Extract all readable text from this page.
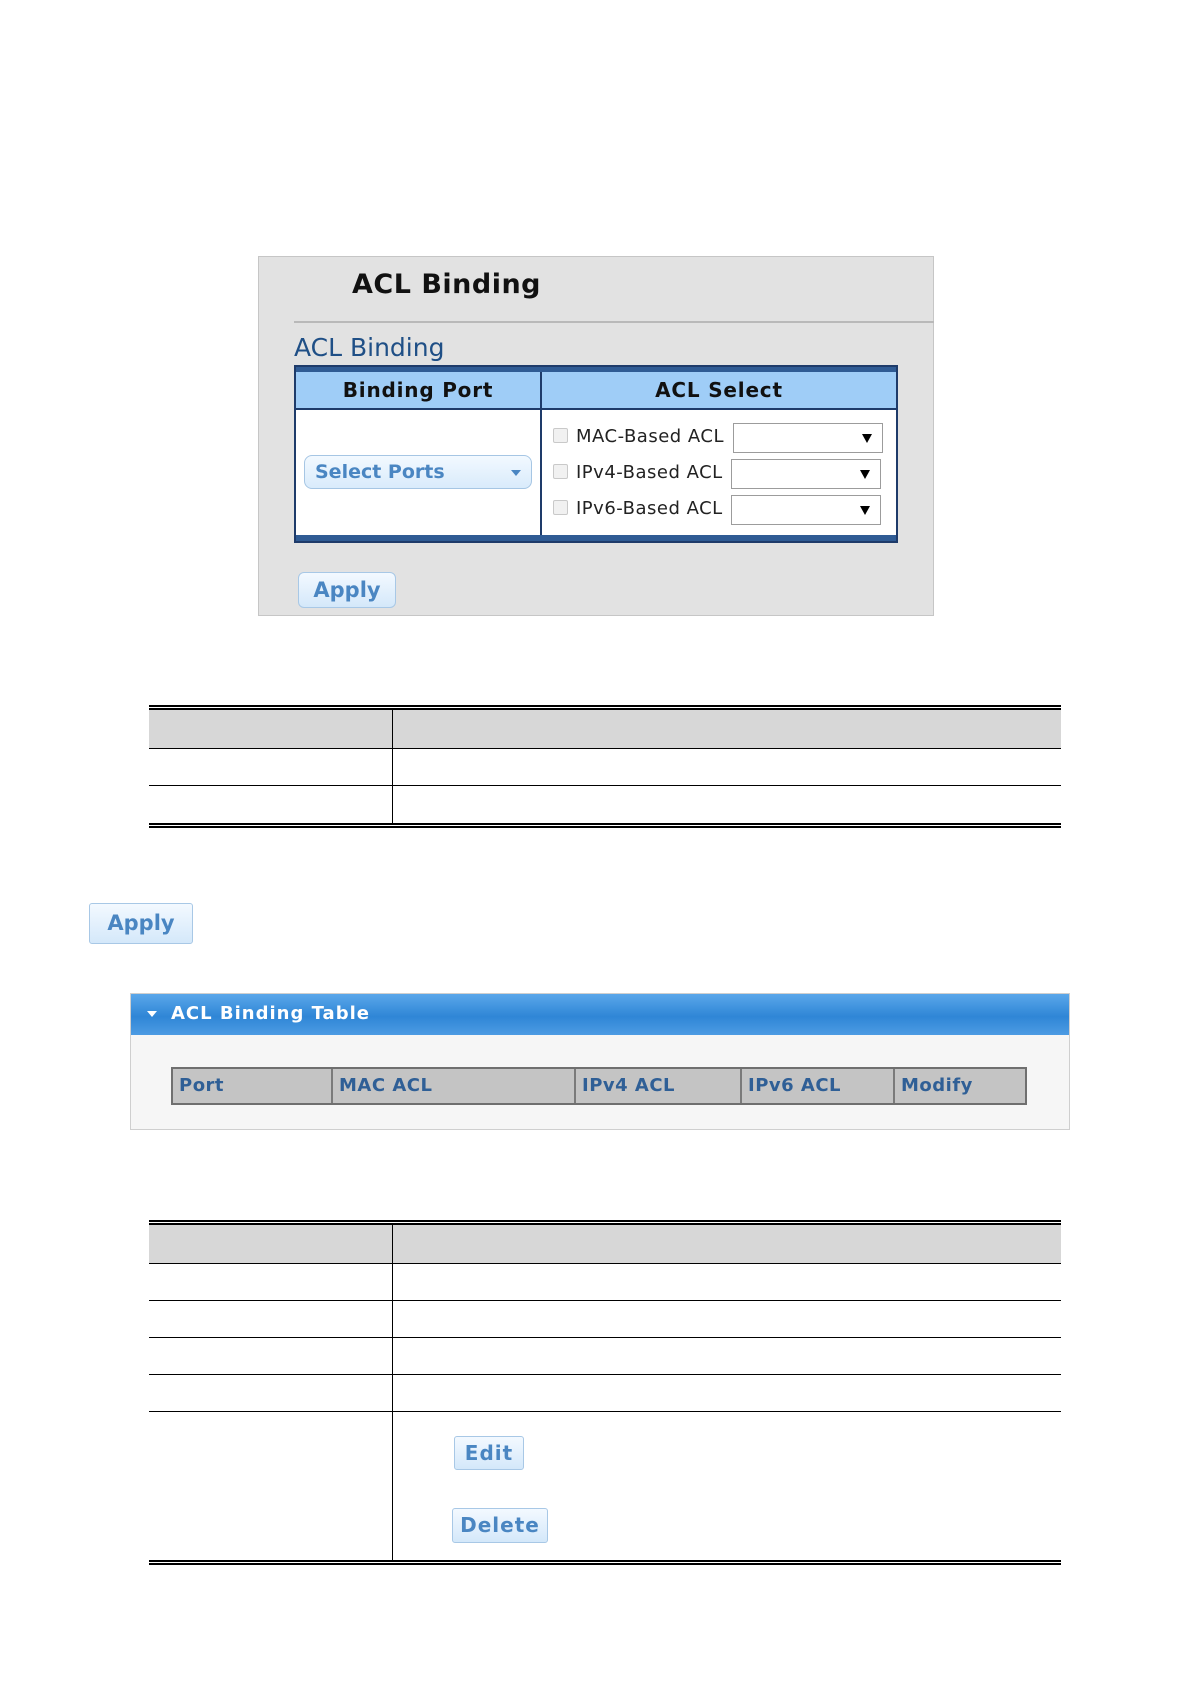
ACL Binding
ACL Binding
Binding Port	ACL Select
Select Ports
MAC-Based ACL
IPv4-Based ACL
IPv6-Based ACL
Apply
Apply
ACL Binding Table
Port	MAC ACL	IPv4 ACL	IPv6 ACL	Modify
Edit
Delete
